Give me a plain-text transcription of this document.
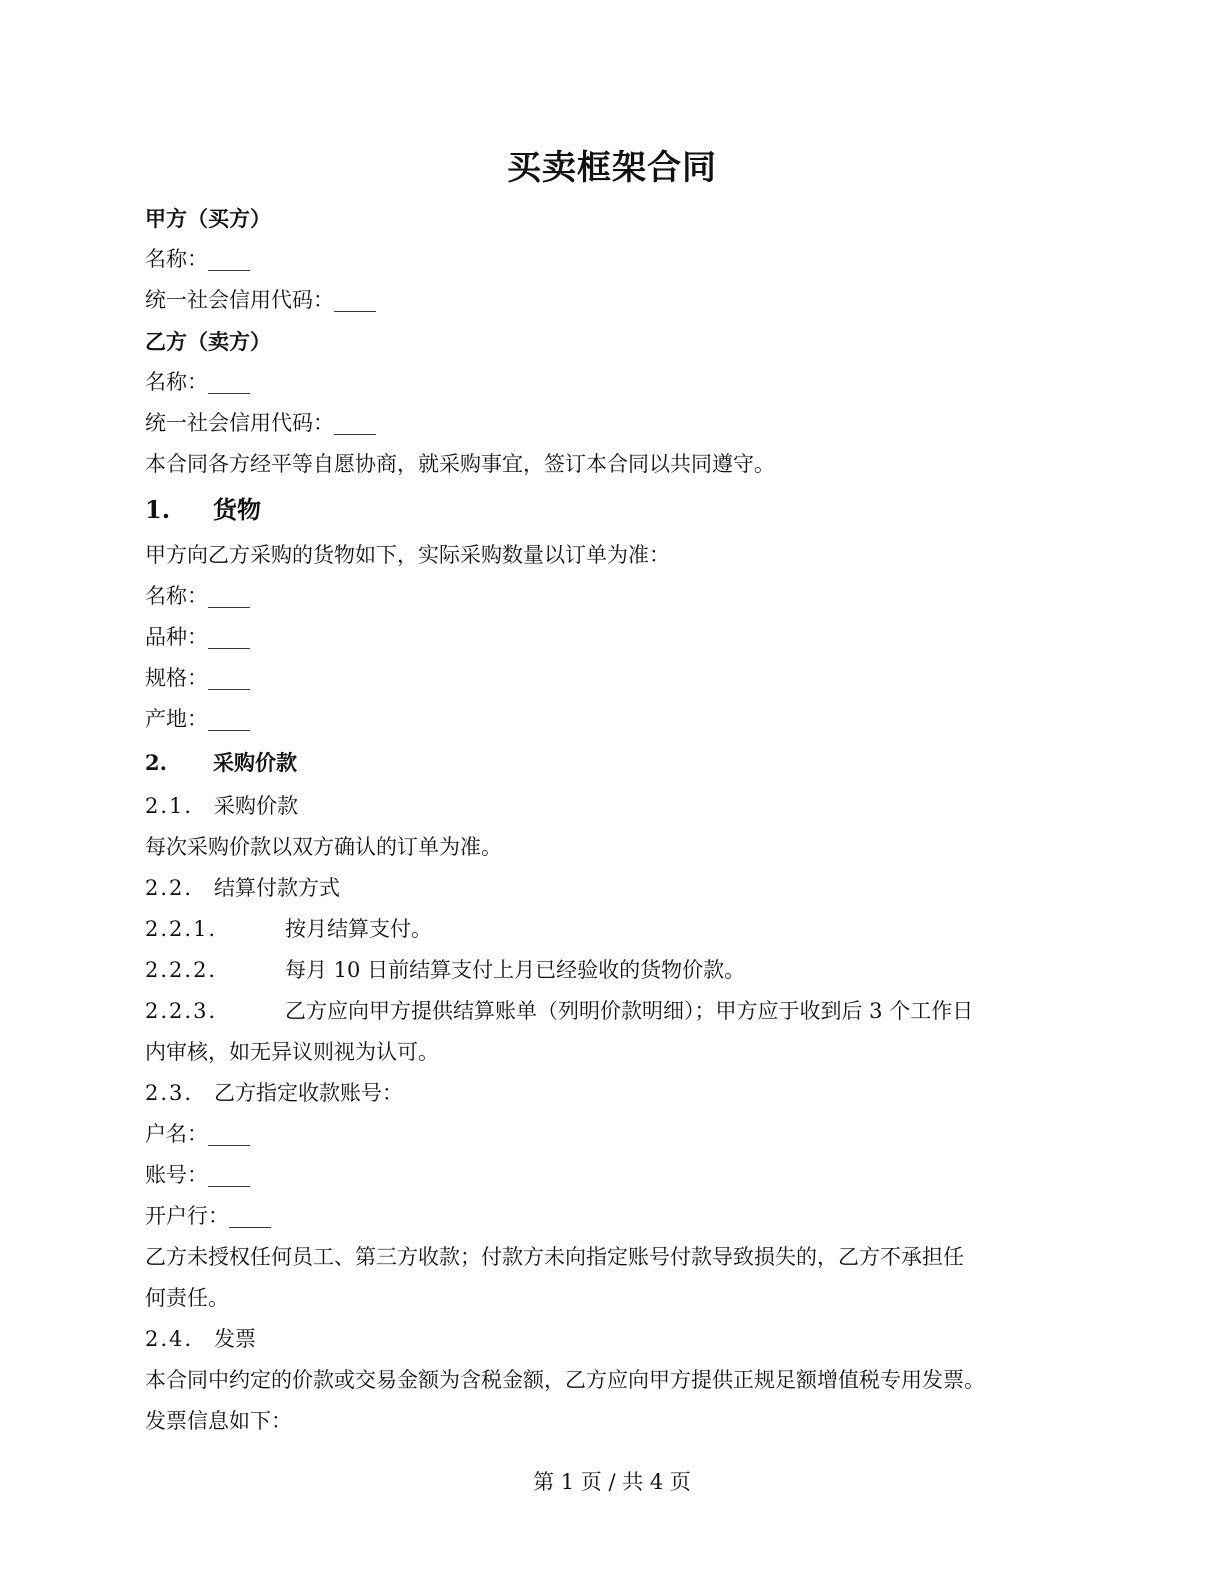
买卖框架合同
甲方（买方）
名称：____
统一社会信用代码：____
乙方（卖方）
名称：____
统一社会信用代码：____
本合同各方经平等自愿协商，就采购事宜，签订本合同以共同遵守。
1. 货物
甲方向乙方采购的货物如下，实际采购数量以订单为准：
名称：____
品种：____
规格：____
产地：____
2. 采购价款
2.1. 采购价款
每次采购价款以双方确认的订单为准。
2.2. 结算付款方式
2.2.1.	按月结算支付。
2.2.2.	每月 10 日前结算支付上月已经验收的货物价款。
2.2.3.	乙方应向甲方提供结算账单（列明价款明细）；甲方应于收到后 3 个工作日
内审核，如无异议则视为认可。
2.3. 乙方指定收款账号：
户名：____
账号：____
开户行：____
乙方未授权任何员工、第三方收款；付款方未向指定账号付款导致损失的，乙方不承担任
何责任。
2.4. 发票
本合同中约定的价款或交易金额为含税金额，乙方应向甲方提供正规足额增值税专用发票。
发票信息如下：
第 1 页 / 共 4 页
